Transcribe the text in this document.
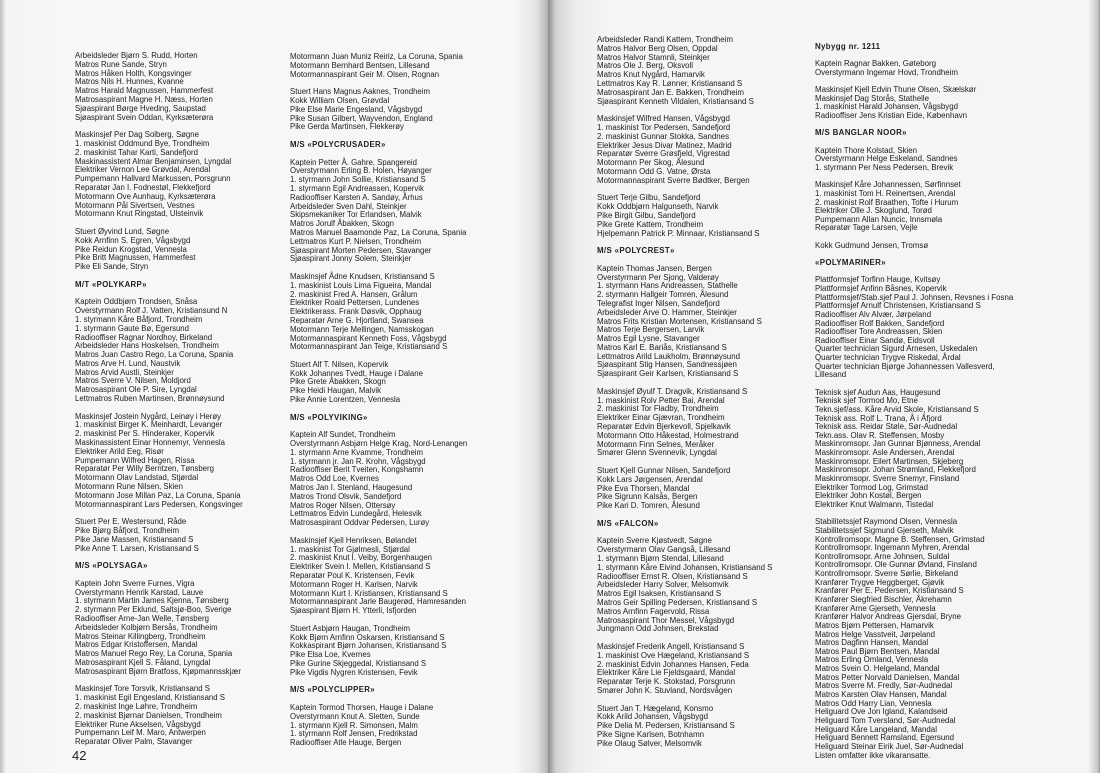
Arbeidsleder Bjørn S. Rudd, Horten
Matros Rune Sande, Stryn
Matros Håken Holth, Kongsvinger
Matros Nils H. Hunnes, Kvanne
Matros Harald Magnussen, Hammerfest
Matrosaspirant Magne H. Næss, Horten
Sjøaspirant Børge Hveding, Saupstad
Sjøaspirant Svein Oddan, Kyrksæterøra
Maskinsjef Per Dag Solberg, Søgne
1. maskinist Oddmund Bye, Trondheim
2. maskinist Tahar Karti, Sandefjord
Maskinassistent Almar Benjaminsen, Lyngdal
Elektriker Vernon Lee Grøvdal, Arendal
Pumpemann Hallvard Markussen, Porsgrunn
Reparatør Jan I. Fodnestøl, Flekkefjord
Motormann Ove Aunhaug, Kyrksæterøra
Motormann Pål Sivertsen, Vestnes
Motormann Knut Ringstad, Ulsteinvik
Stuert Øyvind Lund, Søgne
Kokk Arnfinn S. Egren, Vågsbygd
Pike Reidun Krogstad, Vennesla
Pike Britt Magnussen, Hammerfest
Pike Eli Sande, Stryn
M/T «POLYKARP»
Kaptein Oddbjørn Trondsen, Snåsa
Overstyrmann Rolf J. Vatten, Kristiansund N
1. styrmann Kåre Båfjord, Trondheim
1. styrmann Gaute Bø, Egersund
Radiooffiser Ragnar Nordhoy, Birkeland
Arbeidsleder Hans Hoskelsen, Trondheim
Matros Juan Castro Rego, La Coruna, Spania
Matros Arve H. Lund, Naustvik
Matros Arvid Austli, Steinkjer
Matros Sverre V. Nilsen, Moldjord
Matrosaspirant Ole P. Sire, Lyngdal
Lettmatros Ruben Martinsen, Brønnøysund
Maskinsjef Jostein Nygård, Leinøy i Herøy
1. maskinist Birger K. Meinhardt, Levanger
2. maskinist Per S. Hinderaker, Kopervik
Maskinassistent Einar Honnemyr, Vennesla
Elektriker Arild Eeg, Risør
Pumpemann Wilfred Hagen, Rissa
Reparatør Per Willy Berntzen, Tønsberg
Motormann Olav Landstad, Stjørdal
Motormann Rune Nilsen, Skien
Motormann Jose Millan Paz, La Coruna, Spania
Motormannaspirant Lars Pedersen, Kongsvinger
Stuert Per E. Westersund, Råde
Pike Bjørg Båfjord, Trondheim
Pike Jane Massen, Kristiansand S
Pike Anne T. Larsen, Kristiansand S
M/S «POLYSAGA»
Kaptein John Sverre Furnes, Vigra
Overstyrmann Henrik Karstad, Lauve
1. styrmann Martin James Kjenna, Tønsberg
2. styrmann Per Eklund, Saltsjø-Boo, Sverige
Radiooffiser Arne-Jan Welle, Tønsberg
Arbeidsleder Kolbjørn Bersås, Trondheim
Matros Steinar Killingberg, Trondheim
Matros Edgar Kristoffersen, Mandal
Matros Manuel Rego Rey, La Coruna, Spania
Matrosaspirant Kjell S. Fåland, Lyngdal
Matrosaspirant Bjørn Bratfoss, Kjøpmannsskjær
Maskinsjef Tore Torsvik, Kristiansand S
1. maskinist Egil Engesland, Kristiansand S
2. maskinist Inge Løhre, Trondheim
2. maskinist Bjørnar Danielsen, Trondheim
Elektriker Rune Akselsen, Vågsbygd
Pumpemann Leif M. Maro, Antwerpen
Reparatør Oliver Palm, Stavanger
Motormann Juan Muniz Reiriz, La Coruna, Spania
Motormann Bernhard Bentsen, Lillesand
Motormannaspirant Geir M. Olsen, Rognan
Stuert Hans Magnus Aaknes, Trondheim
Kokk William Olsen, Grøvdal
Pike Else Marie Engesland, Vågsbygd
Pike Susan Gilbert, Wayvendon, England
Pike Gerda Martinsen, Flekkerøy
M/S «POLYCRUSADER»
Kaptein Petter Å. Gahre, Spangereid
Overstyrmann Erling B. Holen, Høyanger
1. styrmann John Sollie, Kristiansand S
1. styrmann Egil Andreassen, Kopervik
Radiooffiser Karsten A. Sandøy, Århus
Arbeidsleder Sven Dahl, Steinkjer
Skipsmekaniker Tor Erlandsen, Malvik
Matros Jorulf Åbakken, Skogn
Matros Manuel Baamonde Paz, La Coruna, Spania
Lettmatros Kurt P. Nielsen, Trondheim
Sjøaspirant Morten Pedersen, Stavanger
Sjøaspirant Jonny Solem, Steinkjer
Maskinsjef Ådne Knudsen, Kristiansand S
1. maskinist Louis Lima Figueira, Mandal
2. maskinist Fred A. Hansen, Grålum
Elektriker Roald Pettersen, Lundenes
Elektrikerass. Frank Døsvik, Opphaug
Reparatør Arne G. Hjortland, Swansea
Motormann Terje Mellingen, Namsskogan
Motormannaspirant Kenneth Foss, Vågsbygd
Motormannaspirant Jan Teige, Kristiansand S
Stuert Alf T. Nilsen, Kopervik
Kokk Johannes Tvedt, Hauge i Dalane
Pike Grete Åbakken, Skogn
Pike Heidi Haugan, Malvik
Pike Annie Lorentzen, Vennesla
M/S «POLYVIKING»
Kaptein Alf Sundet, Trondheim
Overstyrmann Asbjørn Helge Krag, Nord-Lenangen
1. styrmann Arne Kvamme, Trondheim
1. styrmann jr. Jan R. Krohn, Vågsbygd
Radiooffiser Berit Tveiten, Kongshamn
Matros Odd Loe, Kvernes
Matros Jan I. Stenland, Haugesund
Matros Trond Olsvik, Sandefjord
Matros Roger Nilsen, Ottersøy
Lettmatros Edvin Lundegård, Helesvik
Matrosaspirant Oddvar Pedersen, Lurøy
Maskinsjef Kjell Henriksen, Bølandet
1. maskinist Tor Gjølmesli, Stjørdal
2. maskinist Knut I. Veiby, Borgenhaugen
Elektriker Svein I. Mellen, Kristiansand S
Reparatør Poul K. Kristensen, Fevik
Motormann Roger H. Karlsen, Narvik
Motormann Kurt I. Kristiansen, Kristiansand S
Motormannaspirant Jarle Baugerød, Hamresanden
Sjøaspirant Bjørn H. Ytterli, Isfjorden
Stuert Asbjørn Haugan, Trondheim
Kokk Bjørn Arnfinn Oskarsen, Kristiansand S
Kokkaspirant Bjørn Johansen, Kristiansand S
Pike Elsa Loe, Kvernes
Pike Gurine Skjeggedal, Kristiansand S
Pike Vigdis Nygren Kristensen, Fevik
M/S «POLYCLIPPER»
Kaptein Tormod Thorsen, Hauge i Dalane
Overstyrmann Knut A. Sletten, Sunde
1. styrmann Kjell R. Simonsen, Malm
1. styrmann Rolf Jensen, Fredrikstad
Radiooffiser Atle Hauge, Bergen
42
Arbeidsleder Randi Kattem, Trondheim
Matros Halvor Berg Olsen, Oppdal
Matros Halvor Stamnli, Steinkjer
Matros Ole J. Berg, Oksvoll
Matros Knut Nygård, Hamarvik
Lettmatros Kay R. Lønner, Kristiansand S
Matrosaspirant Jan E. Bakken, Trondheim
Sjøaspirant Kenneth Vildalen, Kristiansand S
Maskinsjef Wilfred Hansen, Vågsbygd
1. maskinist Tor Pedersen, Sandefjord
2. maskinist Gunnar Stokka, Sandnes
Elektriker Jesus Divar Matinez, Madrid
Reparatør Sverre Grøsfjeld, Vigrestad
Motormann Per Skog, Ålesund
Motormann Odd G. Vatne, Ørsta
Motormannaspirant Sverre Bødtker, Bergen
Stuert Terje Gilbu, Sandefjord
Kokk Oddbjørn Halgunseth, Narvik
Pike Birgit Gilbu, Sandefjord
Pike Grete Kattem, Trondheim
Hjelpemann Patrick P. Minnaar, Kristiansand S
M/S «POLYCREST»
Kaptein Thomas Jansen, Bergen
Overstyrmann Per Sjong, Valderøy
1. styrmann Hans Andreassen, Stathelle
2. styrmann Hallgeir Tomren, Ålesund
Telegrafist Inger Nilsen, Sandefjord
Arbeidsleder Arve O. Hammer, Steinkjer
Matros Frits Kristian Mortensen, Kristiansand S
Matros Terje Bergersen, Larvik
Matros Egil Lysne, Stavanger
Matros Karl E. Bariås, Kristiansand S
Lettmatros Arild Laukholm, Brønnøysund
Sjøaspirant Stig Hansen, Sandnessjøen
Sjøaspirant Geir Karlsen, Kristiansand S
Maskinsjef Øyulf T. Dragvik, Kristiansand S
1. maskinist Rolv Petter Bai, Arendal
2. maskinist Tor Fladby, Trondheim
Elektriker Einar Gjævran, Trondheim
Reparatør Edvin Bjerkevoll, Spjelkavik
Motormann Otto Håkestad, Holmestrand
Motormann Finn Selnes, Meråker
Smører Glenn Svennevik, Lyngdal
Stuert Kjell Gunnar Nilsen, Sandefjord
Kokk Lars Jørgensen, Arendal
Pike Eva Thorsen, Mandal
Pike Sigrunn Kalsås, Bergen
Pike Kari D. Tomren, Ålesund
M/S «FALCON»
Kaptein Sverre Kjøstvedt, Søgne
Overstyrmann Olav Gangså, Lillesand
1. styrmann Bjørn Stendal, Lillesand
1. styrmann Kåre Eivind Johansen, Kristiansand S
Radiooffiser Ernst R. Olsen, Kristiansand S
Arbeidsleder Harry Solver, Melsomvik
Matros Egil Isaksen, Kristiansand S
Matros Geir Spilling Pedersen, Kristiansand S
Matros Arnfinn Fagervold, Rissa
Matrosaspirant Thor Messel, Vågsbygd
Jungmann Odd Johnsen, Brekstad
Maskinsjef Frederik Angell, Kristiansand S
1. maskinist Ove Hægeland, Kristiansand S
2. maskinist Edvin Johannes Hansen, Feda
Elektriker Kåre Lie Fjeldsgaard, Mandal
Reparatør Terje K. Stokstad, Porsgrunn
Smører John K. Stuvland, Nordsvågen
Stuert Jan T. Hægeland, Konsmo
Kokk Arild Johansen, Vågsbygd
Pike Delia M. Pedersen, Kristiansand S
Pike Signe Karlsen, Botnhamn
Pike Olaug Sølver, Melsomvik
Nybygg nr. 1211
Kaptein Ragnar Bakken, Gøteborg
Overstyrmann Ingemar Hovd, Trondheim
Maskinsjef Kjell Edvin Thune Olsen, Skælskør
Maskinsjef Dag Storås, Stathelle
1. maskinist Harald Johansen, Vågsbygd
Radiooffiser Jens Kristian Eide, København
M/S BANGLAR NOOR»
Kaptein Thore Kolstad, Skien
Overstyrmann Helge Eskeland, Sandnes
1. styrmann Per Ness Pedersen, Brevik
Maskinsjef Kåre Johannessen, Sørfinnset
1. maskinist Tom H. Reinertsen, Arendal
2. maskinist Rolf Braathen, Tofte i Hurum
Elektriker Olle J. Skoglund, Torød
Pumpemann Allan Nuncic, Innsmøla
Reparatør Tage Larsen, Vejle
Kokk Gudmund Jensen, Tromsø
«POLYMARINER»
Plattformsjef Torfinn Hauge, Kvitsøy
Plattformsjef Anfinn Båsnes, Kopervik
Plattformsjef/Stab.sjef Paul J. Johnsen, Revsnes i Fosna
Plattformsjef Arnulf Christensen, Kristiansand S
Radiooffiser Alv Alvær, Jørpeland
Radiooffiser Rolf Bakken, Sandefjord
Radiooffiser Tore Andreassen, Skien
Radiooffiser Einar Sandø, Eidsvoll
Quarter technician Sigurd Arnesen, Uskedalen
Quarter technician Trygve Riskedal, Årdal
Quarter technician Bjørge Johannessen Vallesverd,
Lillesand
Teknisk sjef Audun Aas, Haugesund
Teknisk sjef Tormod Mo, Etne
Tekn.sjef/ass. Kåre Arvid Skole, Kristiansand S
Teknisk ass. Rolf L. Trana, Å i Åfjord
Teknisk ass. Reidar Støle, Sør-Audnedal
Tekn.ass. Olav R. Steffensen, Mosby
Maskinromsopr. Jan Gunnar Bjønness, Arendal
Maskinromsopr. Asle Andersen, Arendal
Maskinromsopr. Eilert Martinsen, Skjeberg
Maskinromsopr. Johan Strømland, Flekkefjord
Maskinromsopr. Sverre Snemyr, Finsland
Elektriker Tormod Log, Grimstad
Elektriker John Kostøl, Bergen
Elektriker Knut Walmann, Tistedal
Stabilitetssjef Raymond Olsen, Vennesla
Stabilitetssjef Sigmund Gjerseth, Malvik
Kontrollromsopr. Magne B. Steffensen, Grimstad
Kontrollromsopr. Ingemann Myhren, Arendal
Kontrollromsopr. Arne Johnsen, Suldal
Kontrollromsopr. Ole Gunnar Øvland, Finsland
Kontrollromsopr. Sverre Sørlie, Birkeland
Kranfører Trygve Heggberget, Gjøvik
Kranfører Per E. Pedersen, Kristiansand S
Kranfører Siegfried Bischler, Åkrehamn
Kranfører Arne Gjerseth, Vennesla
Kranfører Halvor Andreas Gjersdal, Bryne
Matros Bjørn Pettersen, Hamarvik
Matros Helge Vasstveit, Jørpeland
Matros Dagfinn Hansen, Mandal
Matros Paul Bjørn Bentsen, Mandal
Matros Erling Omland, Vennesla
Matros Svein O. Helgeland, Mandal
Matros Petter Norvald Danielsen, Mandal
Matros Sverre M. Fredly, Sør-Audnedal
Matros Karsten Olav Hansen, Mandal
Matros Odd Harry Lian, Vennesla
Heliguard Ove Jon Igland, Kalandseid
Heliguard Tom Tversland, Sør-Audnedal
Heliguard Kåre Langeland, Mandal
Heliguard Bennett Ramsland, Egersund
Heliguard Steinar Eirik Juel, Sør-Audnedal
Listen omfatter ikke vikaransatte.
